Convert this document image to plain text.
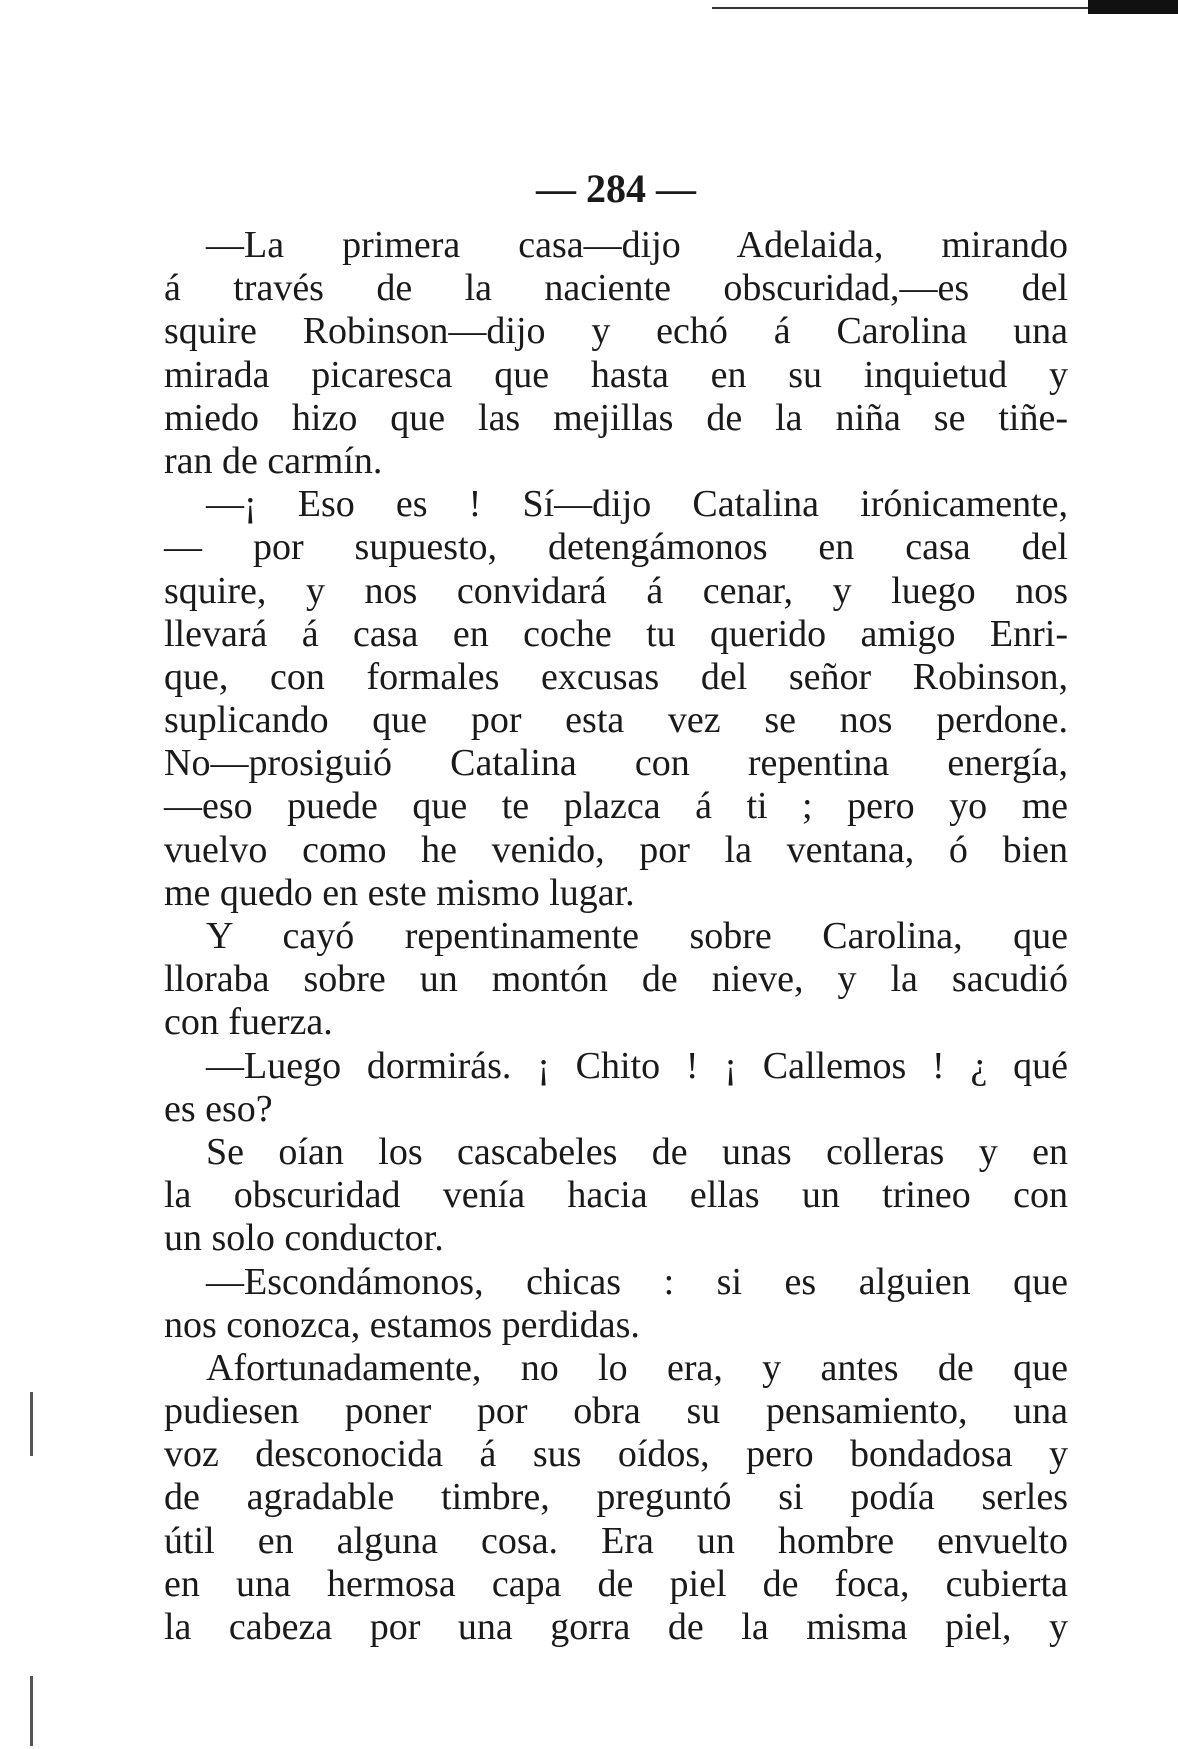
— 284 —
—La primera casa—dijo Adelaida, mirando
á través de la naciente obscuridad,—es del
squire Robinson—dijo y echó á Carolina una
mirada picaresca que hasta en su inquietud y
miedo hizo que las mejillas de la niña se tiñe-
ran de carmín.
—¡ Eso es ! Sí—dijo Catalina irónicamente,
— por supuesto, detengámonos en casa del
squire, y nos convidará á cenar, y luego nos
llevará á casa en coche tu querido amigo Enri-
que, con formales excusas del señor Robinson,
suplicando que por esta vez se nos perdone.
No—prosiguió Catalina con repentina energía,
—eso puede que te plazca á ti ; pero yo me
vuelvo como he venido, por la ventana, ó bien
me quedo en este mismo lugar.
Y cayó repentinamente sobre Carolina, que
lloraba sobre un montón de nieve, y la sacudió
con fuerza.
—Luego dormirás. ¡ Chito ! ¡ Callemos ! ¿ qué
es eso?
Se oían los cascabeles de unas colleras y en
la obscuridad venía hacia ellas un trineo con
un solo conductor.
—Escondámonos, chicas : si es alguien que
nos conozca, estamos perdidas.
Afortunadamente, no lo era, y antes de que
pudiesen poner por obra su pensamiento, una
voz desconocida á sus oídos, pero bondadosa y
de agradable timbre, preguntó si podía serles
útil en alguna cosa. Era un hombre envuelto
en una hermosa capa de piel de foca, cubierta
la cabeza por una gorra de la misma piel, y
